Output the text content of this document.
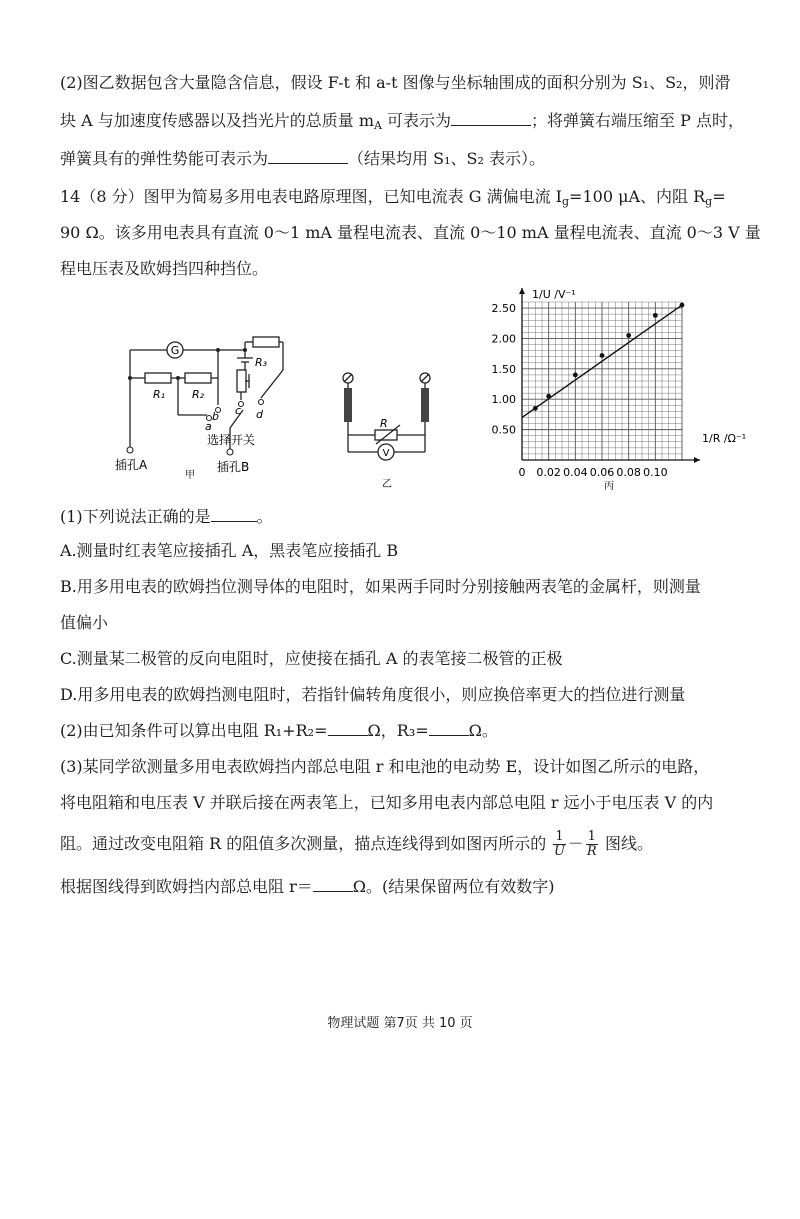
(2)图乙数据包含大量隐含信息，假设 F-t 和 a-t 图像与坐标轴围成的面积分别为 S₁、S₂，则滑
块 A 与加速度传感器以及挡光片的总质量 $m_A$ 可表示为	；将弹簧右端压缩至 P 点时，
弹簧具有的弹性势能可表示为	（结果均用 S₁、S₂ 表示）。
14（8 分）图甲为简易多用电表电路原理图，已知电流表 G 满偏电流 $I_g=100$ μA、内阻 $R_g=$
90 Ω。该多用电表具有直流 0～1 mA 量程电流表、直流 0～10 mA 量程电流表、直流 0～3 V 量
程电压表及欧姆挡四种挡位。
G
R₁ R₂
R₃
a
b c d
选择开关
插孔A	插孔B
甲
R
V
乙
0 0.02 0.04 0.06 0.08 0.10
0.50
1.00
1.50
2.00
2.50
1/U /V⁻¹
1/R /Ω⁻¹
丙
(1)下列说法正确的是	。
A.测量时红表笔应接插孔 A，黑表笔应接插孔 B
B.用多用电表的欧姆挡位测导体的电阻时，如果两手同时分别接触两表笔的金属杆，则测量
值偏小
C.测量某二极管的反向电阻时，应使接在插孔 A 的表笔接二极管的正极
D.用多用电表的欧姆挡测电阻时，若指针偏转角度很小，则应换倍率更大的挡位进行测量
(2)由已知条件可以算出电阻 R₁+R₂=	Ω，R₃=	Ω。
(3)某同学欲测量多用电表欧姆挡内部总电阻 r 和电池的电动势 E，设计如图乙所示的电路，
将电阻箱和电压表 V 并联后接在两表笔上，已知多用电表内部总电阻 r 远小于电压表 V 的内
阻。通过改变电阻箱 R 的阻值多次测量，描点连线得到如图丙所示的 $\frac{1}{U} - \frac{1}{R}$ 图线。
根据图线得到欧姆挡内部总电阻 r＝	Ω。(结果保留两位有效数字)
物理试题 第7页 共 10 页
